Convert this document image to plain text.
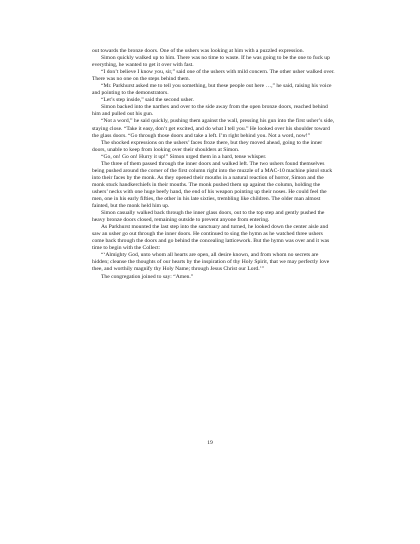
out towards the bronze doors. One of the ushers was looking at him with a puzzled expression.

Simon quickly walked up to him. There was no time to waste. If he was going to be the one to fuck up everything, he wanted to get it over with fast.

“I don’t believe I know you, sir,” said one of the ushers with mild concern. The other usher walked over. There was no one on the steps behind them.

“Mr. Parkhurst asked me to tell you something, but these people out here …,” he said, raising his voice and pointing to the demonstrators.

“Let’s step inside,” said the second usher.

Simon backed into the narthex and over to the side away from the open bronze doors, reached behind him and pulled out his gun.

“Not a word,” he said quickly, pushing them against the wall, pressing his gun into the first usher’s side, staying close. “Take it easy, don’t get excited, and do what I tell you.” He looked over his shoulder toward the glass doors. “Go through those doors and take a left. I’m right behind you. Not a word, now!”

The shocked expressions on the ushers’ faces froze there, but they moved ahead, going to the inner doors, unable to keep from looking over their shoulders at Simon.

“Go, on! Go on! Hurry it up!” Simon urged them in a hard, tense whisper.

The three of them passed through the inner doors and walked left. The two ushers found themselves being pushed around the corner of the first column right into the muzzle of a MAC-10 machine pistol stuck into their faces by the monk. As they opened their mouths in a natural reaction of horror, Simon and the monk stuck handkerchiefs in their mouths. The monk pushed them up against the column, holding the ushers’ necks with one huge beefy hand, the end of his weapon pointing up their noses. He could feel the men, one in his early fifties, the other in his late sixties, trembling like children. The older man almost fainted, but the monk held him up.

Simon casually walked back through the inner glass doors, out to the top step and gently pushed the heavy bronze doors closed, remaining outside to prevent anyone from entering.

As Parkhurst mounted the last step into the sanctuary and turned, he looked down the center aisle and saw an usher go out through the inner doors. He continued to sing the hymn as he watched three ushers come back through the doors and go behind the concealing latticework. But the hymn was over and it was time to begin with the Collect:

“‘Almighty God, unto whom all hearts are open, all desire known, and from whom no secrets are hidden; cleanse the thoughts of our hearts by the inspiration of thy Holy Spirit, that we may perfectly love thee, and worthily magnify thy Holy Name; through Jesus Christ our Lord.’”

The congregation joined to say: “Amen.”

19
